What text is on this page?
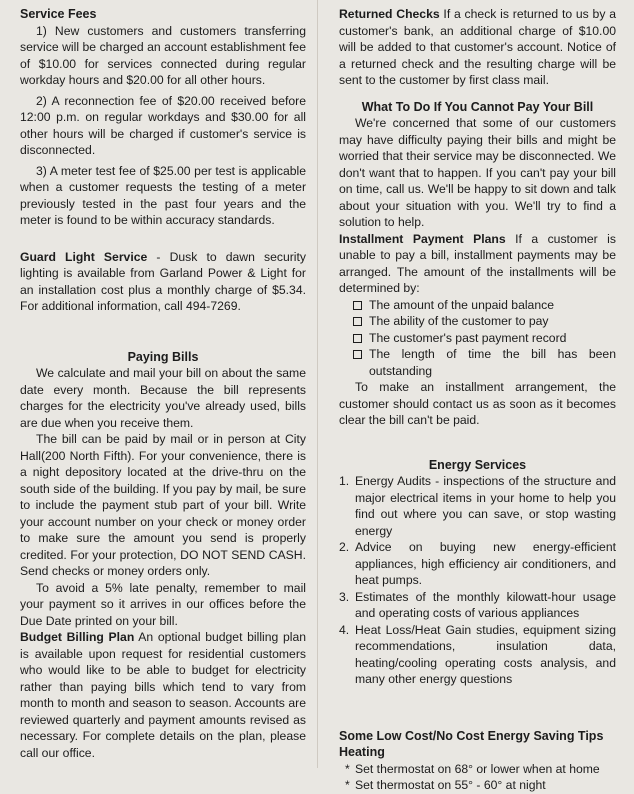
Service Fees

1) New customers and customers transferring service will be charged an account establishment fee of $10.00 for services connected during regular workday hours and $20.00 for all other hours.

2) A reconnection fee of $20.00 received before 12:00 p.m. on regular workdays and $30.00 for all other hours will be charged if customer's service is disconnected.

3) A meter test fee of $25.00 per test is applicable when a customer requests the testing of a meter previously tested in the past four years and the meter is found to be within accuracy standards.

Guard Light Service - Dusk to dawn security lighting is available from Garland Power & Light for an installation cost plus a monthly charge of $5.34. For additional information, call 494-7269.

Paying Bills

We calculate and mail your bill on about the same date every month. Because the bill represents charges for the electricity you've already used, bills are due when you receive them.

The bill can be paid by mail or in person at City Hall(200 North Fifth). For your convenience, there is a night depository located at the drive-thru on the south side of the building. If you pay by mail, be sure to include the payment stub part of your bill. Write your account number on your check or money order to make sure the amount you send is properly credited. For your protection, DO NOT SEND CASH. Send checks or money orders only.

To avoid a 5% late penalty, remember to mail your payment so it arrives in our offices before the Due Date printed on your bill.

Budget Billing Plan An optional budget billing plan is available upon request for residential customers who would like to be able to budget for electricity rather than paying bills which tend to vary from month to month and season to season. Accounts are reviewed quarterly and payment amounts revised as necessary. For complete details on the plan, please call our office.

Returned Checks If a check is returned to us by a customer's bank, an additional charge of $10.00 will be added to that customer's account. Notice of a returned check and the resulting charge will be sent to the customer by first class mail.

What To Do If You Cannot Pay Your Bill

We're concerned that some of our customers may have difficulty paying their bills and might be worried that their service may be disconnected. We don't want that to happen. If you can't pay your bill on time, call us. We'll be happy to sit down and talk about your situation with you. We'll try to find a solution to help.

Installment Payment Plans If a customer is unable to pay a bill, installment payments may be arranged. The amount of the installments will be determined by:

The amount of the unpaid balance
The ability of the customer to pay
The customer's past payment record
The length of time the bill has been outstanding

To make an installment arrangement, the customer should contact us as soon as it becomes clear the bill can't be paid.

Energy Services
1. Energy Audits - inspections of the structure and major electrical items in your home to help you find out where you can save, or stop wasting energy
2. Advice on buying new energy-efficient appliances, high efficiency air conditioners, and heat pumps.
3. Estimates of the monthly kilowatt-hour usage and operating costs of various appliances
4. Heat Loss/Heat Gain studies, equipment sizing recommendations, insulation data, heating/cooling operating costs analysis, and many other energy questions
Some Low Cost/No Cost Energy Saving Tips
Heating
* Set thermostat on 68° or lower when at home
* Set thermostat on 55° - 60° at night
